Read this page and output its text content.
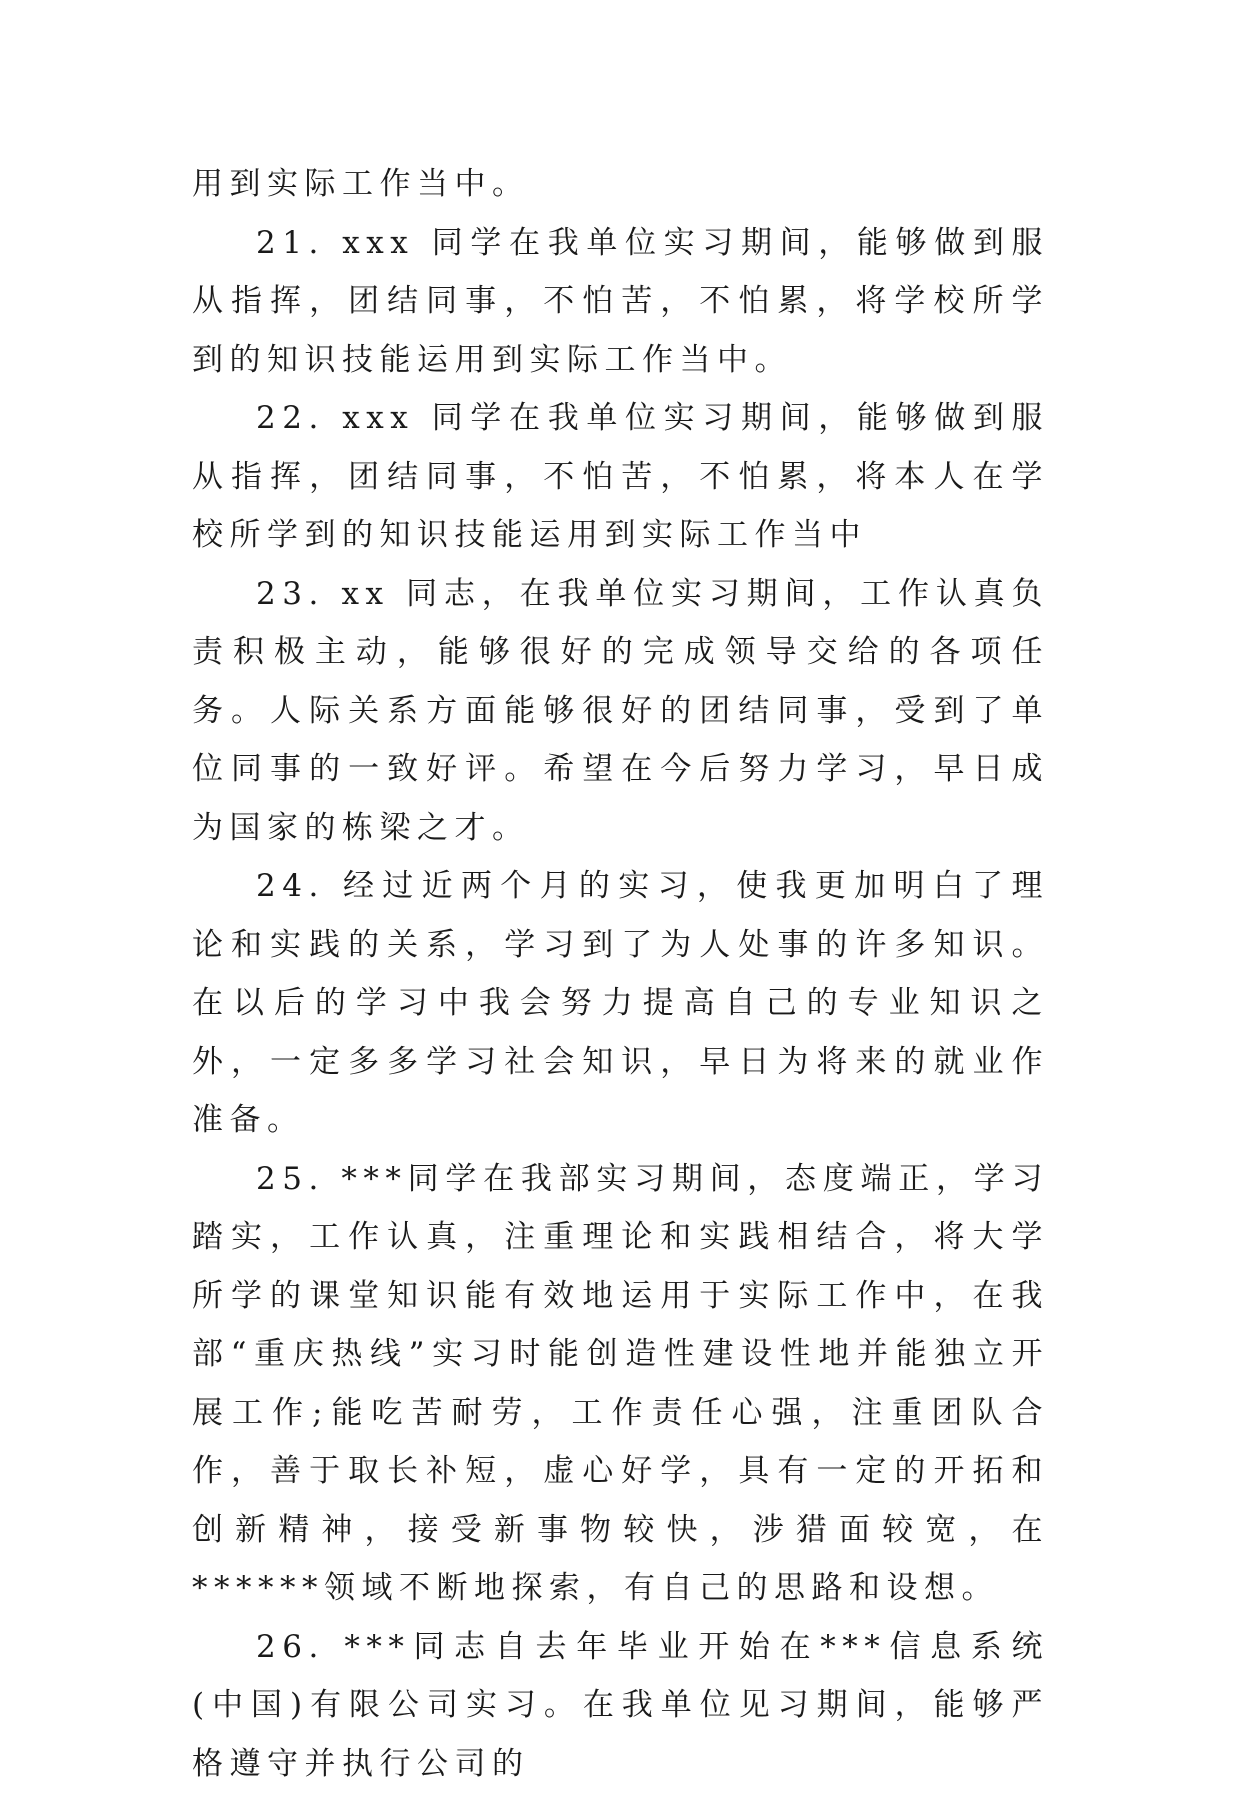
用到实际工作当中。

21. xxx 同学在我单位实习期间，能够做到服从指挥，团结同事，不怕苦，不怕累，将学校所学到的知识技能运用到实际工作当中。

22. xxx 同学在我单位实习期间，能够做到服从指挥，团结同事，不怕苦，不怕累，将本人在学校所学到的知识技能运用到实际工作当中

23. xx 同志，在我单位实习期间，工作认真负责积极主动，能够很好的完成领导交给的各项任务。人际关系方面能够很好的团结同事，受到了单位同事的一致好评。希望在今后努力学习，早日成为国家的栋梁之才。

24. 经过近两个月的实习，使我更加明白了理论和实践的关系，学习到了为人处事的许多知识。在以后的学习中我会努力提高自己的专业知识之外，一定多多学习社会知识，早日为将来的就业作准备。

25. ***同学在我部实习期间，态度端正，学习踏实，工作认真，注重理论和实践相结合，将大学所学的课堂知识能有效地运用于实际工作中，在我部“重庆热线”实习时能创造性建设性地并能独立开展工作;能吃苦耐劳，工作责任心强，注重团队合作，善于取长补短，虚心好学，具有一定的开拓和创新精神，接受新事物较快，涉猎面较宽，在******领域不断地探索，有自己的思路和设想。

26. ***同志自去年毕业开始在***信息系统(中国)有限公司实习。在我单位见习期间，能够严格遵守并执行公司的
